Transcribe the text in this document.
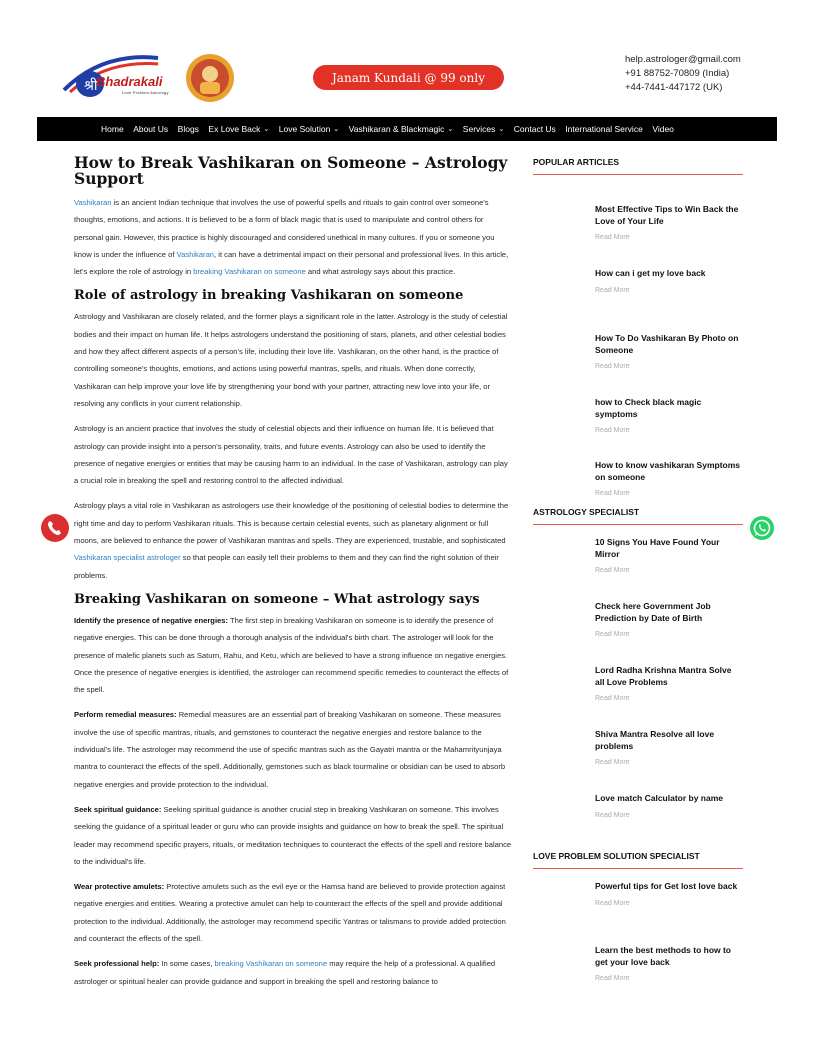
श्री
Bhadrakali
Love Problem Astrology
Janam Kundali @ 99 only
help.astrologer@gmail.com
+91 88752-70809 (India)
+44-7441-447172 (UK)
Home About Us Blogs Ex Love Back ⌄ Love Solution ⌄ Vashikaran & Blackmagic ⌄ Services ⌄ Contact Us International Service Video
How to Break Vashikaran on Someone – Astrology Support

Vashikaran is an ancient Indian technique that involves the use of powerful spells and rituals to gain control over someone's thoughts, emotions, and actions. It is believed to be a form of black magic that is used to manipulate and control others for personal gain. However, this practice is highly discouraged and considered unethical in many cultures. If you or someone you know is under the influence of Vashikaran, it can have a detrimental impact on their personal and professional lives. In this article, let's explore the role of astrology in breaking Vashikaran on someone and what astrology says about this practice.

Role of astrology in breaking Vashikaran on someone

Astrology and Vashikaran are closely related, and the former plays a significant role in the latter. Astrology is the study of celestial bodies and their impact on human life. It helps astrologers understand the positioning of stars, planets, and other celestial bodies and how they affect different aspects of a person's life, including their love life. Vashikaran, on the other hand, is the practice of controlling someone's thoughts, emotions, and actions using powerful mantras, spells, and rituals. When done correctly, Vashikaran can help improve your love life by strengthening your bond with your partner, attracting new love into your life, or resolving any conflicts in your current relationship.

Astrology is an ancient practice that involves the study of celestial objects and their influence on human life. It is believed that astrology can provide insight into a person's personality, traits, and future events. Astrology can also be used to identify the presence of negative energies or entities that may be causing harm to an individual. In the case of Vashikaran, astrology can play a crucial role in breaking the spell and restoring control to the affected individual.

Astrology plays a vital role in Vashikaran as astrologers use their knowledge of the positioning of celestial bodies to determine the right time and day to perform Vashikaran rituals. This is because certain celestial events, such as planetary alignment or full moons, are believed to enhance the power of Vashikaran mantras and spells. They are experienced, trustable, and sophisticated Vashikaran specialist astrologer so that people can easily tell their problems to them and they can find the right solution of their problems.

Breaking Vashikaran on someone – What astrology says

Identify the presence of negative energies: The first step in breaking Vashikaran on someone is to identify the presence of negative energies. This can be done through a thorough analysis of the individual's birth chart. The astrologer will look for the presence of malefic planets such as Saturn, Rahu, and Ketu, which are believed to have a strong influence on negative energies. Once the presence of negative energies is identified, the astrologer can recommend specific remedies to counteract the effects of the spell.

Perform remedial measures: Remedial measures are an essential part of breaking Vashikaran on someone. These measures involve the use of specific mantras, rituals, and gemstones to counteract the negative energies and restore balance to the individual's life. The astrologer may recommend the use of specific mantras such as the Gayatri mantra or the Mahamrityunjaya mantra to counteract the effects of the spell. Additionally, gemstones such as black tourmaline or obsidian can be used to absorb negative energies and provide protection to the individual.

Seek spiritual guidance: Seeking spiritual guidance is another crucial step in breaking Vashikaran on someone. This involves seeking the guidance of a spiritual leader or guru who can provide insights and guidance on how to break the spell. The spiritual leader may recommend specific prayers, rituals, or meditation techniques to counteract the effects of the spell and restore balance to the individual's life.

Wear protective amulets: Protective amulets such as the evil eye or the Hamsa hand are believed to provide protection against negative energies and entities. Wearing a protective amulet can help to counteract the effects of the spell and provide additional protection to the individual. Additionally, the astrologer may recommend specific Yantras or talismans to provide added protection and counteract the effects of the spell.

Seek professional help: In some cases, breaking Vashikaran on someone may require the help of a professional. A qualified astrologer or spiritual healer can provide guidance and support in breaking the spell and restoring balance to

POPULAR ARTICLES
Most Effective Tips to Win Back the Love of Your Life
Read More
How can i get my love back
Read More
How To Do Vashikaran By Photo on Someone
Read More
how to Check black magic symptoms
Read More
How to know vashikaran Symptoms on someone
Read More
ASTROLOGY SPECIALIST
10 Signs You Have Found Your Mirror
Read More
Check here Government Job Prediction by Date of Birth
Read More
Lord Radha Krishna Mantra Solve all Love Problems
Read More
Shiva Mantra Resolve all love problems
Read More
Love match Calculator by name
Read More
LOVE PROBLEM SOLUTION SPECIALIST
Powerful tips for Get lost love back
Read More
Learn the best methods to how to get your love back
Read More
